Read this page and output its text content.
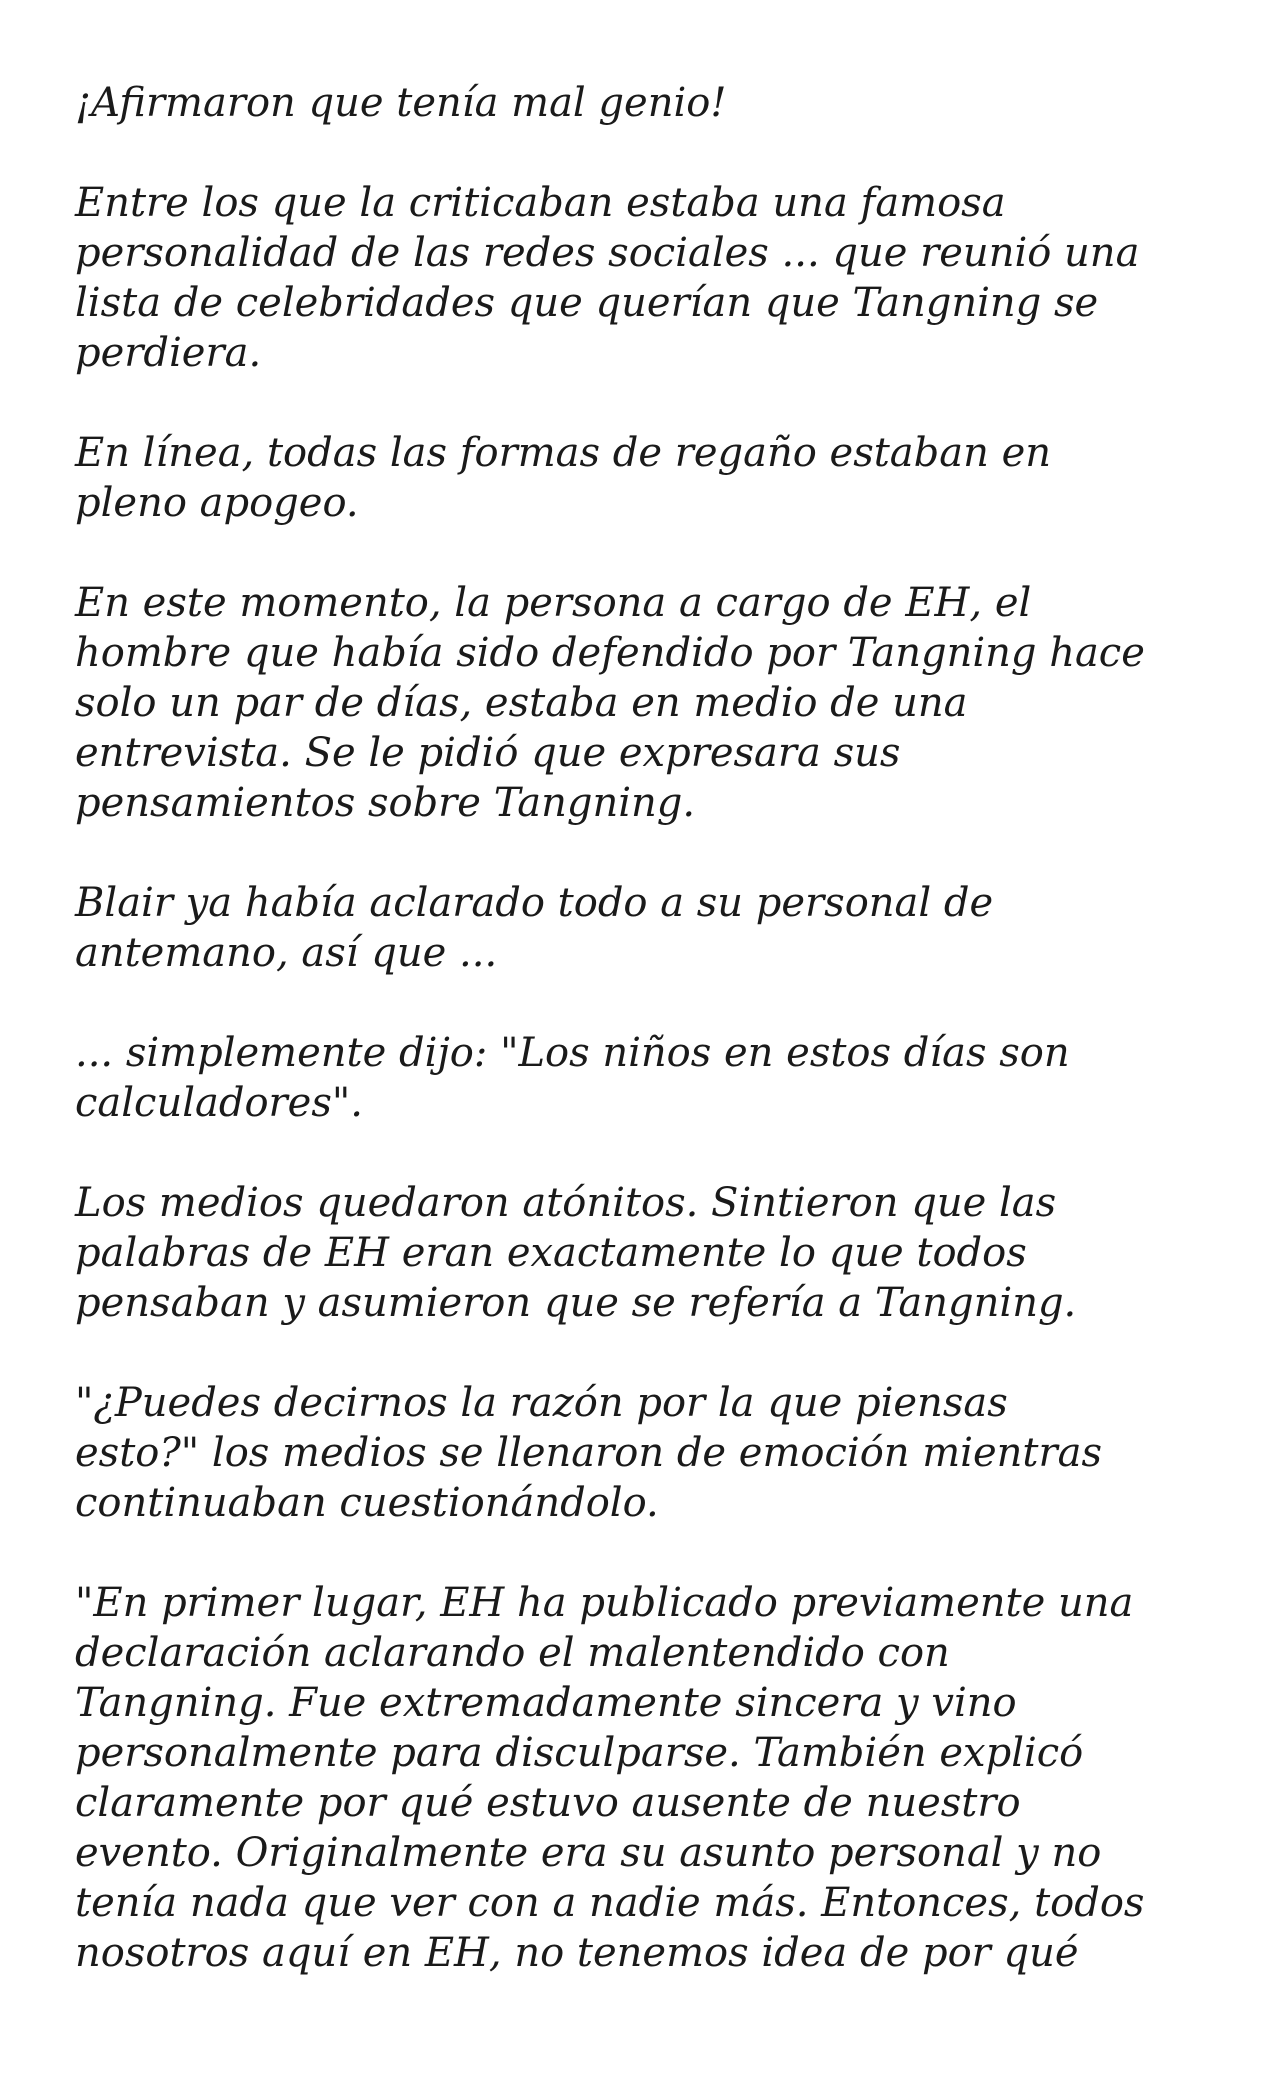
¡Afirmaron que tenía mal genio!

Entre los que la criticaban estaba una famosa
personalidad de las redes sociales ... que reunió una
lista de celebridades que querían que Tangning se
perdiera.

En línea, todas las formas de regaño estaban en
pleno apogeo.

En este momento, la persona a cargo de EH, el
hombre que había sido defendido por Tangning hace
solo un par de días, estaba en medio de una
entrevista. Se le pidió que expresara sus
pensamientos sobre Tangning.

Blair ya había aclarado todo a su personal de
antemano, así que ...

... simplemente dijo: "Los niños en estos días son
calculadores".

Los medios quedaron atónitos. Sintieron que las
palabras de EH eran exactamente lo que todos
pensaban y asumieron que se refería a Tangning.

"¿Puedes decirnos la razón por la que piensas
esto?" los medios se llenaron de emoción mientras
continuaban cuestionándolo.

"En primer lugar, EH ha publicado previamente una
declaración aclarando el malentendido con
Tangning. Fue extremadamente sincera y vino
personalmente para disculparse. También explicó
claramente por qué estuvo ausente de nuestro
evento. Originalmente era su asunto personal y no
tenía nada que ver con a nadie más. Entonces, todos
nosotros aquí en EH, no tenemos idea de por qué
